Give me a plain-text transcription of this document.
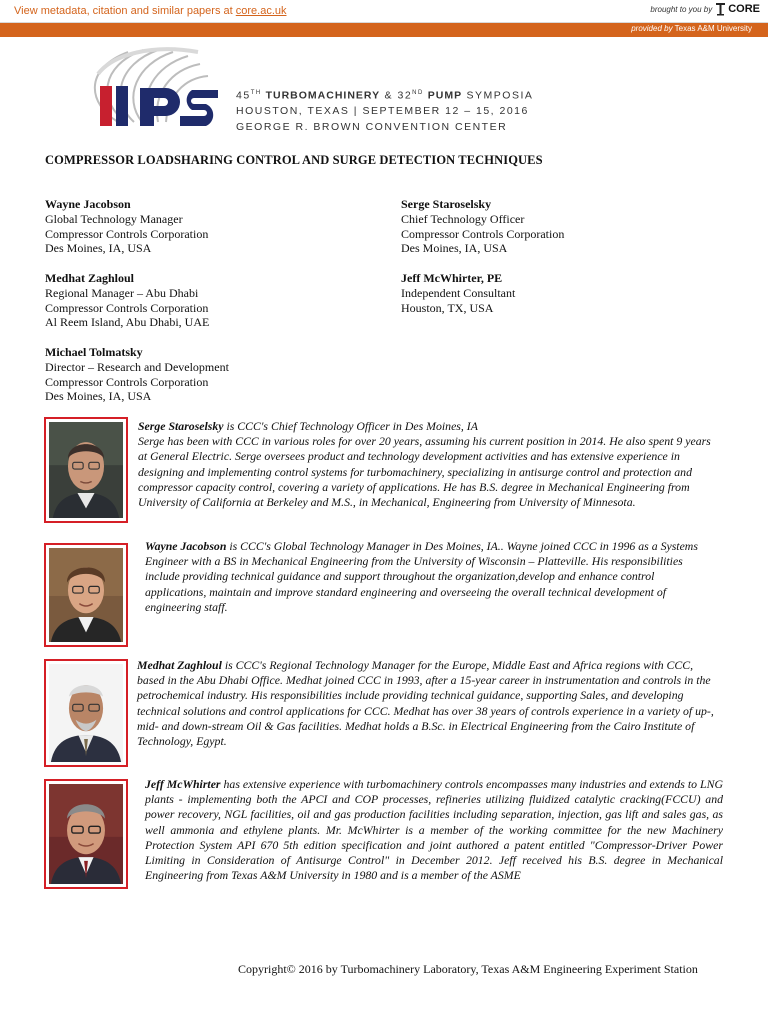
View metadata, citation and similar papers at core.ac.uk	brought to you by CORE
provided by Texas A&M University
45TH TURBOMACHINERY & 32ND PUMP SYMPOSIA
HOUSTON, TEXAS | SEPTEMBER 12 – 15, 2016
GEORGE R. BROWN CONVENTION CENTER
COMPRESSOR LOADSHARING CONTROL AND SURGE DETECTION TECHNIQUES
Wayne Jacobson
Global Technology Manager
Compressor Controls Corporation
Des Moines, IA, USA
Serge Staroselsky
Chief Technology Officer
Compressor Controls Corporation
Des Moines, IA, USA
Medhat Zaghloul
Regional Manager – Abu Dhabi
Compressor Controls Corporation
Al Reem Island, Abu Dhabi, UAE
Jeff McWhirter, PE
Independent Consultant
Houston, TX, USA
Michael Tolmatsky
Director – Research and Development
Compressor Controls Corporation
Des Moines, IA, USA
Serge Staroselsky is CCC's Chief Technology Officer in Des Moines, IA
Serge has been with CCC in various roles for over 20 years, assuming his current position in 2014. He also spent 9 years at General Electric. Serge oversees product and technology development activities and has extensive experience in designing and implementing control systems for turbomachinery, specializing in antisurge control and protection and compressor capacity control, covering a variety of applications. He has B.S. degree in Mechanical Engineering from University of California at Berkeley and M.S., in Mechanical, Engineering from University of Minnesota.
Wayne Jacobson is CCC's Global Technology Manager in Des Moines, IA.. Wayne joined CCC in 1996 as a Systems Engineer with a BS in Mechanical Engineering from the University of Wisconsin – Platteville. His responsibilities include providing technical guidance and support throughout the organization,develop and enhance control applications, maintain and improve standard engineering and overseeing the overall technical development of engineering staff.
Medhat Zaghloul is CCC's Regional Technology Manager for the Europe, Middle East and Africa regions with CCC, based in the Abu Dhabi Office. Medhat joined CCC in 1993, after a 15-year career in instrumentation and controls in the petrochemical industry. His responsibilities include providing technical guidance, supporting Sales, and developing technical solutions and control applications for CCC. Medhat has over 38 years of controls experience in a variety of up-, mid- and down-stream Oil & Gas facilities. Medhat holds a B.Sc. in Electrical Engineering from the Cairo Institute of Technology, Egypt.
Jeff McWhirter has extensive experience with turbomachinery controls encompasses many industries and extends to LNG plants - implementing both the APCI and COP processes, refineries utilizing fluidized catalytic cracking(FCCU) and power recovery, NGL facilities, oil and gas production facilities including separation, injection, gas lift and sales gas, as well ammonia and ethylene plants. Mr. McWhirter is a member of the working committee for the new Machinery Protection System API 670 5th edition specification and joint authored a patent entitled "Compressor-Driver Power Limiting in Consideration of Antisurge Control" in December 2012. Jeff received his B.S. degree in Mechanical Engineering from Texas A&M University in 1980 and is a member of the ASME
Copyright© 2016 by Turbomachinery Laboratory, Texas A&M Engineering Experiment Station
